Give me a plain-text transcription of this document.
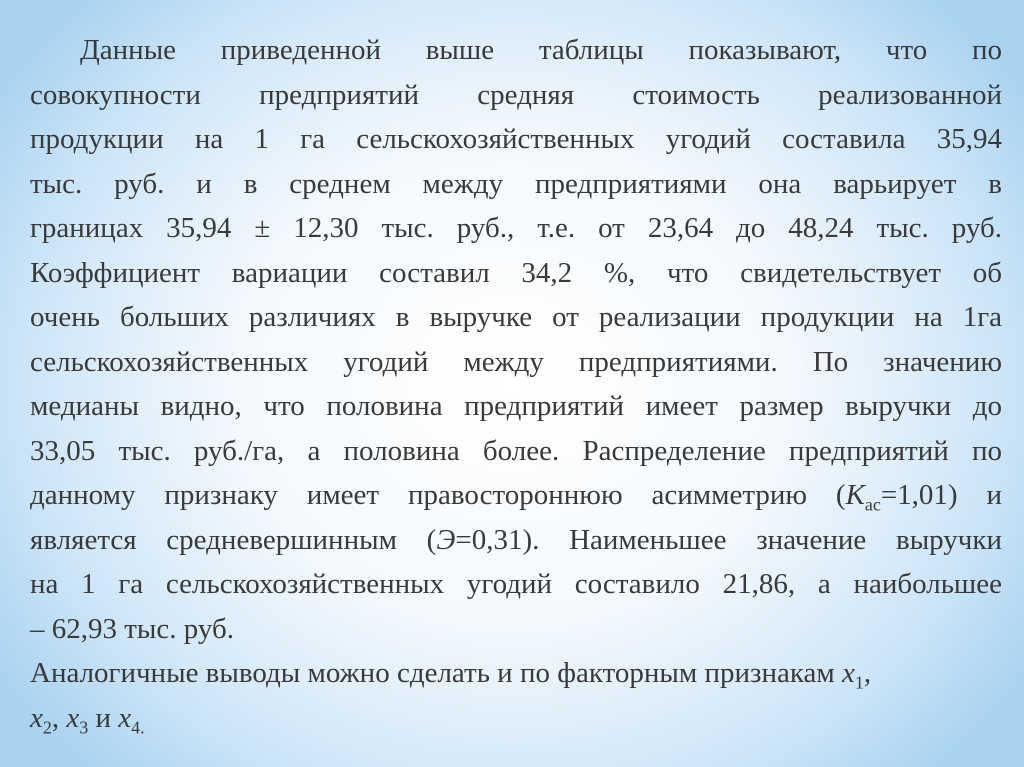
Данные приведенной выше таблицы показывают, что по
совокупности предприятий средняя стоимость реализованной
продукции на 1 га сельскохозяйственных угодий составила 35,94
тыс. руб. и в среднем между предприятиями она варьирует в
границах 35,94 ± 12,30 тыс. руб., т.е. от 23,64 до 48,24 тыс. руб.
Коэффициент вариации составил 34,2 %, что свидетельствует об
очень больших различиях в выручке от реализации продукции на 1га
сельскохозяйственных угодий между предприятиями. По значению
медианы видно, что половина предприятий имеет размер выручки до
33,05 тыс. руб./га, а половина более. Распределение предприятий по
данному признаку имеет правостороннюю асимметрию $(К_{ас}=1,01)$ и
является средневершинным (Э=0,31). Наименьшее значение выручки
на 1 га сельскохозяйственных угодий составило 21,86, а наибольшее
– 62,93 тыс. руб.

Аналогичные выводы можно сделать и по факторным признакам $x_1$,
$x_2$, $x_3$ и $x_{4.}$
